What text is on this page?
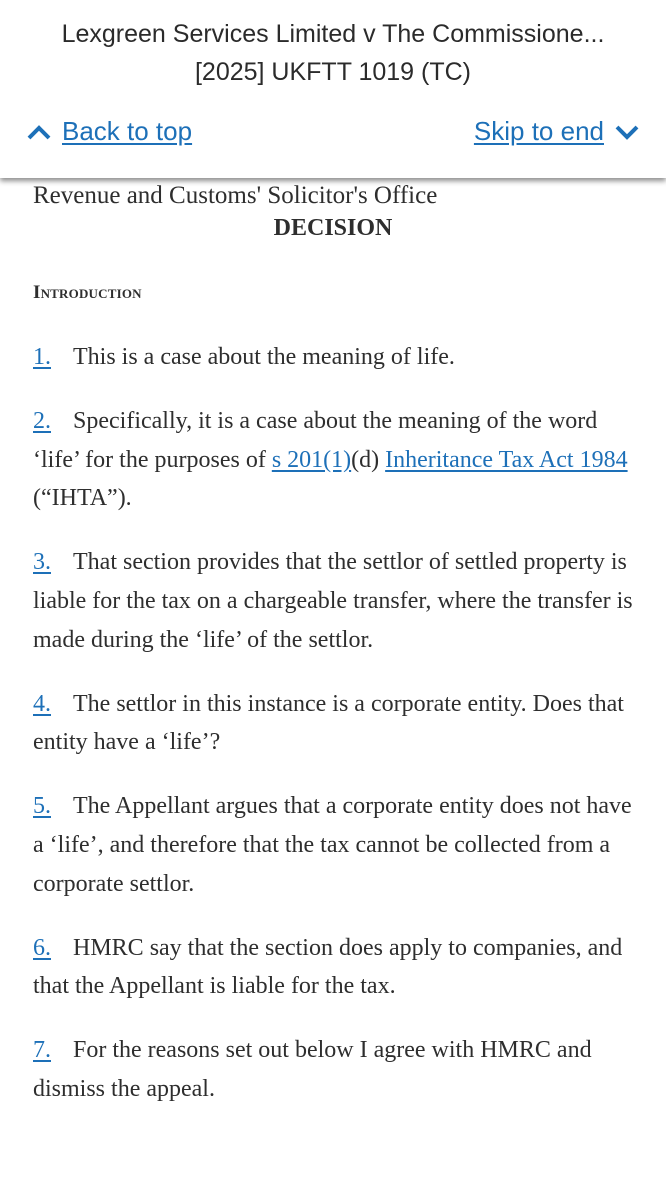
Lexgreen Services Limited v The Commissione...
[2025] UKFTT 1019 (TC)
Back to top	Skip to end
Revenue and Customs' Solicitor's Office
DECISION
Introduction

1. This is a case about the meaning of life.

2. Specifically, it is a case about the meaning of the word ‘life’ for the purposes of s 201(1)(d) Inheritance Tax Act 1984 (“IHTA”).

3. That section provides that the settlor of settled property is liable for the tax on a chargeable transfer, where the transfer is made during the ‘life’ of the settlor.

4. The settlor in this instance is a corporate entity. Does that entity have a ‘life’?

5. The Appellant argues that a corporate entity does not have a ‘life’, and therefore that the tax cannot be collected from a corporate settlor.

6. HMRC say that the section does apply to companies, and that the Appellant is liable for the tax.

7. For the reasons set out below I agree with HMRC and dismiss the appeal.
